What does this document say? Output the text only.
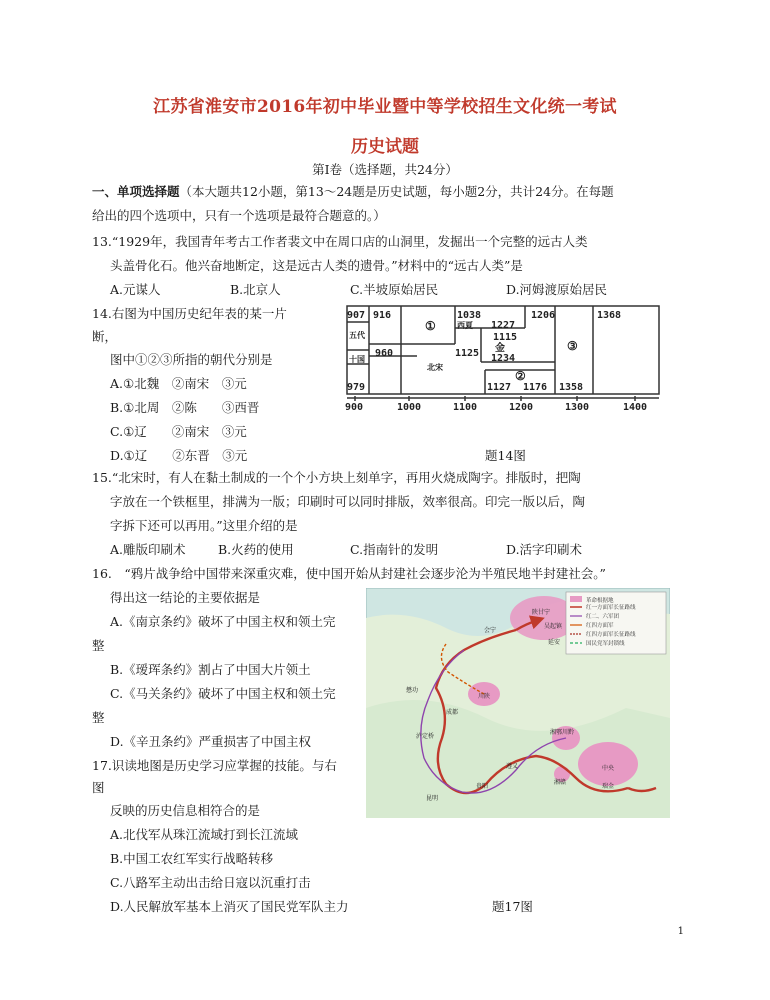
江苏省淮安市2016年初中毕业暨中等学校招生文化统一考试
历史试题
第Ⅰ卷（选择题，共24分）
一、单项选择题（本大题共12小题，第13～24题是历史试题，每小题2分，共计24分。在每题
给出的四个选项中，只有一个选项是最符合题意的。）
13.“1929年，我国青年考古工作者裴文中在周口店的山洞里，发掘出一个完整的远古人类
头盖骨化石。他兴奋地断定，这是远古人类的遗骨。”材料中的“远古人类”是
A.元谋人	B.北京人	C.半坡原始居民	D.河姆渡原始居民
14.右图为中国历史纪年表的某一片
断，
图中①②③所指的朝代分别是
A.①北魏　②南宋　③元
B.①北周　②陈　　③西晋
C.①辽　　②南宋　③元
D.①辽　　②东晋　③元	题14图
907 916	1038	1206	1368
西夏 1227
1115
金
1234
1125
五代
960
北宋
十国
979	1127 1176 1358
①
②
③
900	1000	1100	1200	1300	1400
15.“北宋时，有人在黏土制成的一个个小方块上刻单字，再用火烧成陶字。排版时，把陶
字放在一个铁框里，排满为一版；印刷时可以同时排版，效率很高。印完一版以后，陶
字拆下还可以再用。”这里介绍的是
A.雕版印刷术	B.火药的使用	C.指南针的发明	D.活字印刷术
16.　“鸦片战争给中国带来深重灾难，使中国开始从封建社会逐步沦为半殖民地半封建社会。”
得出这一结论的主要依据是
A.《南京条约》破坏了中国主权和领土完
整
B.《瑷珲条约》割占了中国大片领土
C.《马关条约》破坏了中国主权和领土完
整
D.《辛丑条约》严重损害了中国主权
17.识读地图是历史学习应掌握的技能。与右
图
反映的历史信息相符合的是
A.北伐军从珠江流域打到长江流域
B.中国工农红军实行战略转移
C.八路军主动出击给日寇以沉重打击
D.人民解放军基本上消灭了国民党军队主力	题17图
革命根据地
红一方面军长征路线
红二、六军团
红四方面军
红四方面军长征路线
国民党军封锁线
陕甘宁
吴起镇
川陕
成都
会宁
泸定桥
湘鄂川黔
遵义
瑞金
中央
湘赣
贵阳
昆明
懋功
延安
1
